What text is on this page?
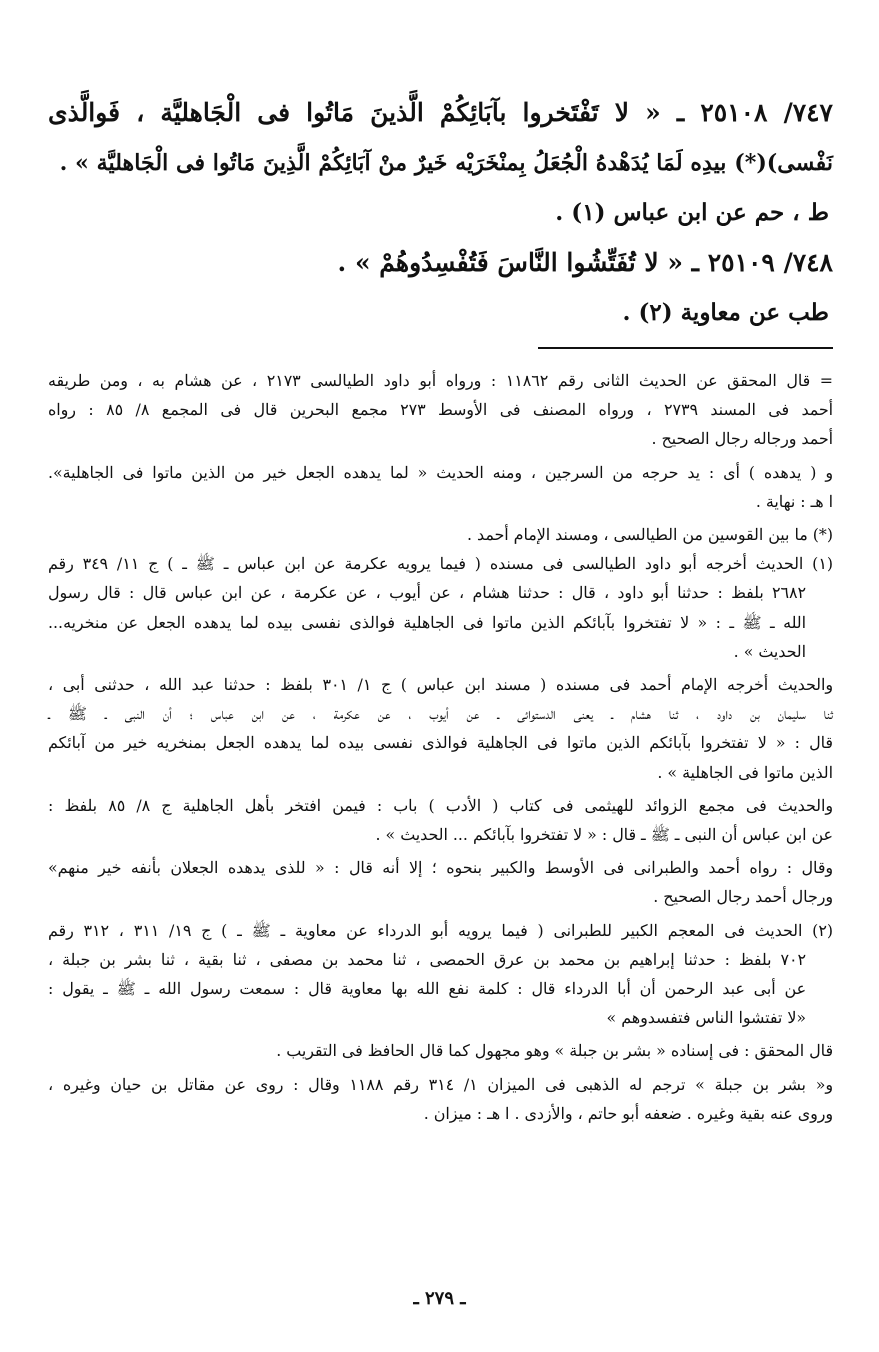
٧٤٧/ ٢٥١٠٨ ـ « لا تَفْتَخروا بآبَائِكُمْ الَّذينَ مَاتُوا فى الْجَاهليَّة ، فَوالَّذى
نَفْسى)(*) بيدِه لَمَا يُدَهْدهُ الْجُعَلُ بِمنْخَرَيْه خَيرٌ منْ آبَائِكُمْ الَّذِينَ مَاتُوا فى الْجَاهليَّة » .
ط ، حم عن ابن عباس (١) .
٧٤٨/ ٢٥١٠٩ ـ « لا تُفَتِّشُوا النَّاسَ فَتُفْسِدُوهُمْ » .
طب عن معاوية (٢) .
= قال المحقق عن الحديث الثانى رقم ١١٨٦٢ : ورواه أبو داود الطيالسى ٢١٧٣ ، عن هشام به ، ومن طريقه
أحمد فى المسند ٢٧٣٩ ، ورواه المصنف فى الأوسط ٢٧٣ مجمع البحرين قال فى المجمع ٨/ ٨٥ : رواه
أحمد ورجاله رجال الصحيح .
و ( يدهده ) أى : يد حرجه من السرجين ، ومنه الحديث « لما يدهده الجعل خير من الذين ماتوا فى الجاهلية».
ا هـ : نهاية .
(*) ما بين القوسين من الطيالسى ، ومسند الإمام أحمد .
(١) الحديث أخرجه أبو داود الطيالسى فى مسنده ( فيما يرويه عكرمة عن ابن عباس ـ ﷺ ـ ) ج ١١/ ٣٤٩ رقم
٢٦٨٢ بلفظ : حدثنا أبو داود ، قال : حدثنا هشام ، عن أيوب ، عن عكرمة ، عن ابن عباس قال : قال رسول
الله ـ ﷺ ـ : « لا تفتخروا بآبائكم الذين ماتوا فى الجاهلية فوالذى نفسى بيده لما يدهده الجعل عن منخريه...
الحديث » .
والحديث أخرجه الإمام أحمد فى مسنده ( مسند ابن عباس ) ج ١/ ٣٠١ بلفظ : حدثنا عبد الله ، حدثنى أبى ،
ثنا سليمان بن داود ، ثنا هشام ـ يعنى الدستوائى ـ عن أيوب ، عن عكرمة ، عن ابن عباس ؛ أن النبى ـ ﷺ ـ
قال : « لا تفتخروا بآبائكم الذين ماتوا فى الجاهلية فوالذى نفسى بيده لما يدهده الجعل بمنخريه خير من آبائكم
الذين ماتوا فى الجاهلية » .
والحديث فى مجمع الزوائد للهيثمى فى كتاب ( الأدب ) باب : فيمن افتخر بأهل الجاهلية ج ٨/ ٨٥ بلفظ :
عن ابن عباس أن النبى ـ ﷺ ـ قال : « لا تفتخروا بآبائكم ... الحديث » .
وقال : رواه أحمد والطبرانى فى الأوسط والكبير بنحوه ؛ إلا أنه قال : « للذى يدهده الجعلان بأنفه خير منهم»
ورجال أحمد رجال الصحيح .
(٢) الحديث فى المعجم الكبير للطبرانى ( فيما يرويه أبو الدرداء عن معاوية ـ ﷺ ـ ) ج ١٩/ ٣١١ ، ٣١٢ رقم
٧٠٢ بلفظ : حدثنا إبراهيم بن محمد بن عرق الحمصى ، ثنا محمد بن مصفى ، ثنا بقية ، ثنا بشر بن جبلة ،
عن أبى عبد الرحمن أن أبا الدرداء قال : كلمة نفع الله بها معاوية قال : سمعت رسول الله ـ ﷺ ـ يقول :
«لا تفتشوا الناس فتفسدوهم »
قال المحقق : فى إسناده « بشر بن جبلة » وهو مجهول كما قال الحافظ فى التقريب .
و« بشر بن جبلة » ترجم له الذهبى فى الميزان ١/ ٣١٤ رقم ١١٨٨ وقال : روى عن مقاتل بن حيان وغيره ،
وروى عنه بقية وغيره . ضعفه أبو حاتم ، والأزدى . ا هـ : ميزان .
ـ ٢٧٩ ـ
